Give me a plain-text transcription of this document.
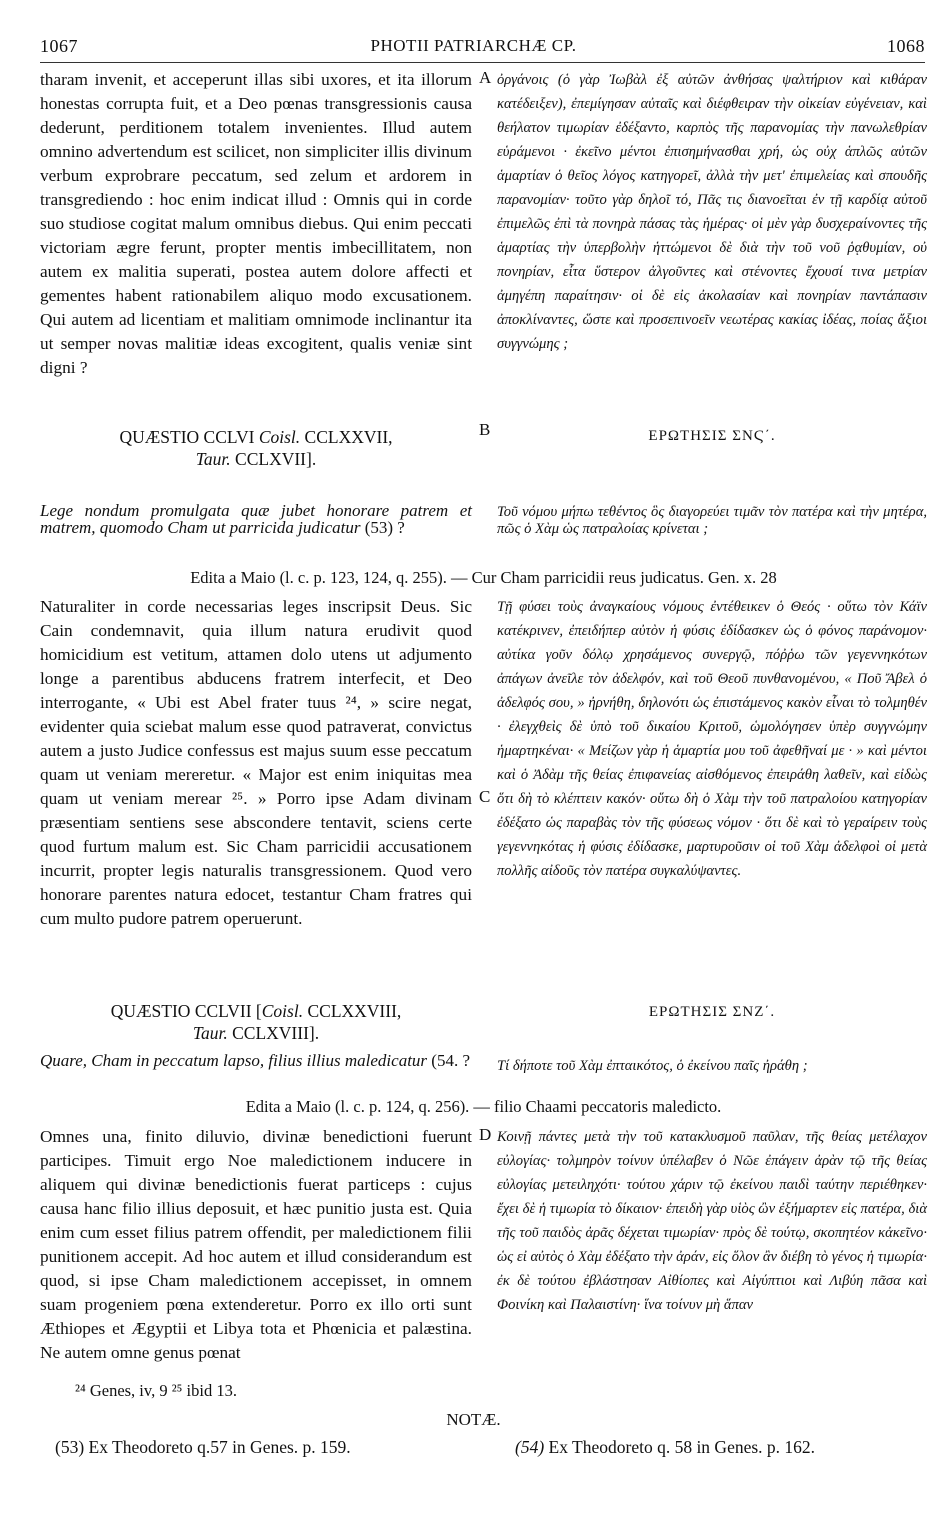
PHOTII PATRIARCHÆ CP.
1067	1068

tharam invenit, et acceperunt illas sibi uxores, et ita illorum honestas corrupta fuit, et a Deo pœnas transgressionis causa dederunt, perditionem totalem invenientes. Illud autem omnino advertendum est scilicet, non simpliciter illis divinum verbum exprobrare peccatum, sed zelum et ardorem in transgrediendo : hoc enim indicat illud : Omnis qui in corde suo studiose cogitat malum omnibus diebus. Qui enim peccati victoriam ægre ferunt, propter mentis imbecillitatem, non autem ex malitia superati, postea autem dolore affecti et gementes habent rationabilem aliquo modo excusationem. Qui autem ad licentiam et malitiam omnimode inclinantur ita ut semper novas malitiæ ideas excogitent, qualis veniæ sint digni ?

ὀργάνοις (ὁ γὰρ Ἰωβὰλ ἐξ αὐτῶν ἀνθήσας ψαλτήριον καὶ κιθάραν κατέδειξεν), ἐπεμίγησαν αὐταῖς καὶ διέφθειραν τὴν οἰκείαν εὐγένειαν, καὶ θεήλατον τιμωρίαν ἐδέξαντο, καρπὸς τῆς παρανομίας τὴν πανωλεθρίαν εὑράμενοι · ἐκεῖνο μέντοι ἐπισημήνασθαι χρή, ὡς οὐχ ἁπλῶς αὐτῶν ἁμαρτίαν ὁ θεῖος λόγος κατηγορεῖ, ἀλλὰ τὴν μετ' ἐπιμελείας καὶ σπουδῆς παρανομίαν· τοῦτο γὰρ δηλοῖ τό, Πᾶς τις διανοεῖται ἐν τῇ καρδίᾳ αὐτοῦ ἐπιμελῶς ἐπὶ τὰ πονηρὰ πάσας τὰς ἡμέρας· οἱ μὲν γὰρ δυσχεραίνοντες τῆς ἁμαρτίας τὴν ὑπερβολὴν ἡττώμενοι δὲ διὰ τὴν τοῦ νοῦ ῥᾳθυμίαν, οὐ πονηρίαν, εἶτα ὕστερον ἀλγοῦντες καὶ στένοντες ἔχουσί τινα μετρίαν ἀμηγέπη παραίτησιν· οἱ δὲ εἰς ἀκολασίαν καὶ πονηρίαν παντάπασιν ἀποκλίναντες, ὥστε καὶ προσεπινοεῖν νεωτέρας κακίας ἰδέας, ποίας ἄξιοι συγγνώμης ;

A
B
QUÆSTIO CCLVI Coisl. CCLXXVII,
Taur. CCLXVII].
Lege nondum promulgata quæ jubet honorare patrem et matrem, quomodo Cham ut parricida judicatur (53) ?
ΕΡΩΤΗΣΙΣ ΣΝϚ΄.
Τοῦ νόμου μήπω τεθέντος ὃς διαγορεύει τιμᾶν τὸν πατέρα καὶ τὴν μητέρα, πῶς ὁ Χὰμ ὡς πατραλοίας κρίνεται ;
Edita a Maio (l. c. p. 123, 124, q. 255). — Cur Cham parricidii reus judicatus. Gen. x. 28

Naturaliter in corde necessarias leges inscripsit Deus. Sic Cain condemnavit, quia illum natura erudivit quod homicidium est vetitum, attamen dolo utens ut adjumento longe a parentibus abducens fratrem interfecit, et Deo interrogante, « Ubi est Abel frater tuus ²⁴, » scire negat, evidenter quia sciebat malum esse quod patraverat, convictus autem a justo Judice confessus est majus suum esse peccatum quam ut veniam mereretur. « Major est enim iniquitas mea quam ut veniam merear ²⁵. » Porro ipse Adam divinam præsentiam sentiens sese abscondere tentavit, sciens certe quod furtum malum est. Sic Cham parricidii accusationem incurrit, propter legis naturalis transgressionem. Quod vero honorare parentes natura edocet, testantur Cham fratres qui cum multo pudore patrem operuerunt.

Τῇ φύσει τοὺς ἀναγκαίους νόμους ἐντέθεικεν ὁ Θεός · οὕτω τὸν Κάϊν κατέκρινεν, ἐπειδήπερ αὐτὸν ἡ φύσις ἐδίδασκεν ὡς ὁ φόνος παράνομον· αὐτίκα γοῦν δόλῳ χρησάμενος συνεργῷ, πόῤῥω τῶν γεγεννηκότων ἀπάγων ἀνεῖλε τὸν ἀδελφόν, καὶ τοῦ Θεοῦ πυνθανομένου, « Ποῦ Ἄβελ ὁ ἀδελφός σου, » ἠρνήθη, δηλονότι ὡς ἐπιστάμενος κακὸν εἶναι τὸ τολμηθέν · ἐλεγχθεὶς δὲ ὑπὸ τοῦ δικαίου Κριτοῦ, ὡμολόγησεν ὑπὲρ συγγνώμην ἡμαρτηκέναι· « Μείζων γὰρ ἡ ἁμαρτία μου τοῦ ἀφεθῆναί με · » καὶ μέντοι καὶ ὁ Ἀδὰμ τῆς θείας ἐπιφανείας αἰσθόμενος ἐπειράθη λαθεῖν, καὶ εἰδὼς ὅτι δὴ τὸ κλέπτειν κακόν· οὕτω δὴ ὁ Χὰμ τὴν τοῦ πατραλοίου κατηγορίαν ἐδέξατο ὡς παραβὰς τὸν τῆς φύσεως νόμον · ὅτι δὲ καὶ τὸ γεραίρειν τοὺς γεγεννηκότας ἡ φύσις ἐδίδασκε, μαρτυροῦσιν οἱ τοῦ Χὰμ ἀδελφοὶ οἱ μετὰ πολλῆς αἰδοῦς τὸν πατέρα συγκαλύψαντες.

C
QUÆSTIO CCLVII [Coisl. CCLXXVIII,
Taur. CCLXVIII].
Quare, Cham in peccatum lapso, filius illius maledicatur (54. ?
ΕΡΩΤΗΣΙΣ ΣΝΖ΄.
Τί δήποτε τοῦ Χὰμ ἐπταικότος, ὁ ἐκείνου παῖς ἠράθη ;
Edita a Maio (l. c. p. 124, q. 256). — filio Chaami peccatoris maledicto.

Omnes una, finito diluvio, divinæ benedictioni fuerunt participes. Timuit ergo Noe maledictionem inducere in aliquem qui divinæ benedictionis fuerat particeps : cujus causa hanc filio illius deposuit, et hæc punitio justa est. Quia enim cum esset filius patrem offendit, per maledictionem filii punitionem accepit. Ad hoc autem et illud considerandum est quod, si ipse Cham maledictionem accepisset, in omnem suam progeniem pœna extenderetur. Porro ex illo orti sunt Æthiopes et Ægyptii et Libya tota et Phœnicia et palæstina. Ne autem omne genus pœnat

Κοινῇ πάντες μετὰ τὴν τοῦ κατακλυσμοῦ παῦλαν, τῆς θείας μετέλαχον εὐλογίας· τολμηρὸν τοίνυν ὑπέλαβεν ὁ Νῶε ἐπάγειν ἀρὰν τῷ τῆς θείας εὐλογίας μετειληχότι· τούτου χάριν τῷ ἐκείνου παιδὶ ταύτην περιέθηκεν· ἔχει δὲ ἡ τιμωρία τὸ δίκαιον· ἐπειδὴ γὰρ υἱὸς ὢν ἐξήμαρτεν εἰς πατέρα, διὰ τῆς τοῦ παιδὸς ἀρᾶς δέχεται τιμωρίαν· πρὸς δὲ τούτῳ, σκοπητέον κἀκεῖνο· ὡς εἰ αὐτὸς ὁ Χὰμ ἐδέξατο τὴν ἀράν, εἰς ὅλον ἂν διέβη τὸ γένος ἡ τιμωρία· ἐκ δὲ τούτου ἐβλάστησαν Αἰθίοπες καὶ Αἰγύπτιοι καὶ Λιβύη πᾶσα καὶ Φοινίκη καὶ Παλαιστίνη· ἵνα τοίνυν μὴ ἅπαν

D
²⁴ Genes, iv, 9 ²⁵ ibid 13.
NOTÆ.
(53) Ex Theodoreto q.57 in Genes. p. 159.	(54) Ex Theodoreto q. 58 in Genes. p. 162.
